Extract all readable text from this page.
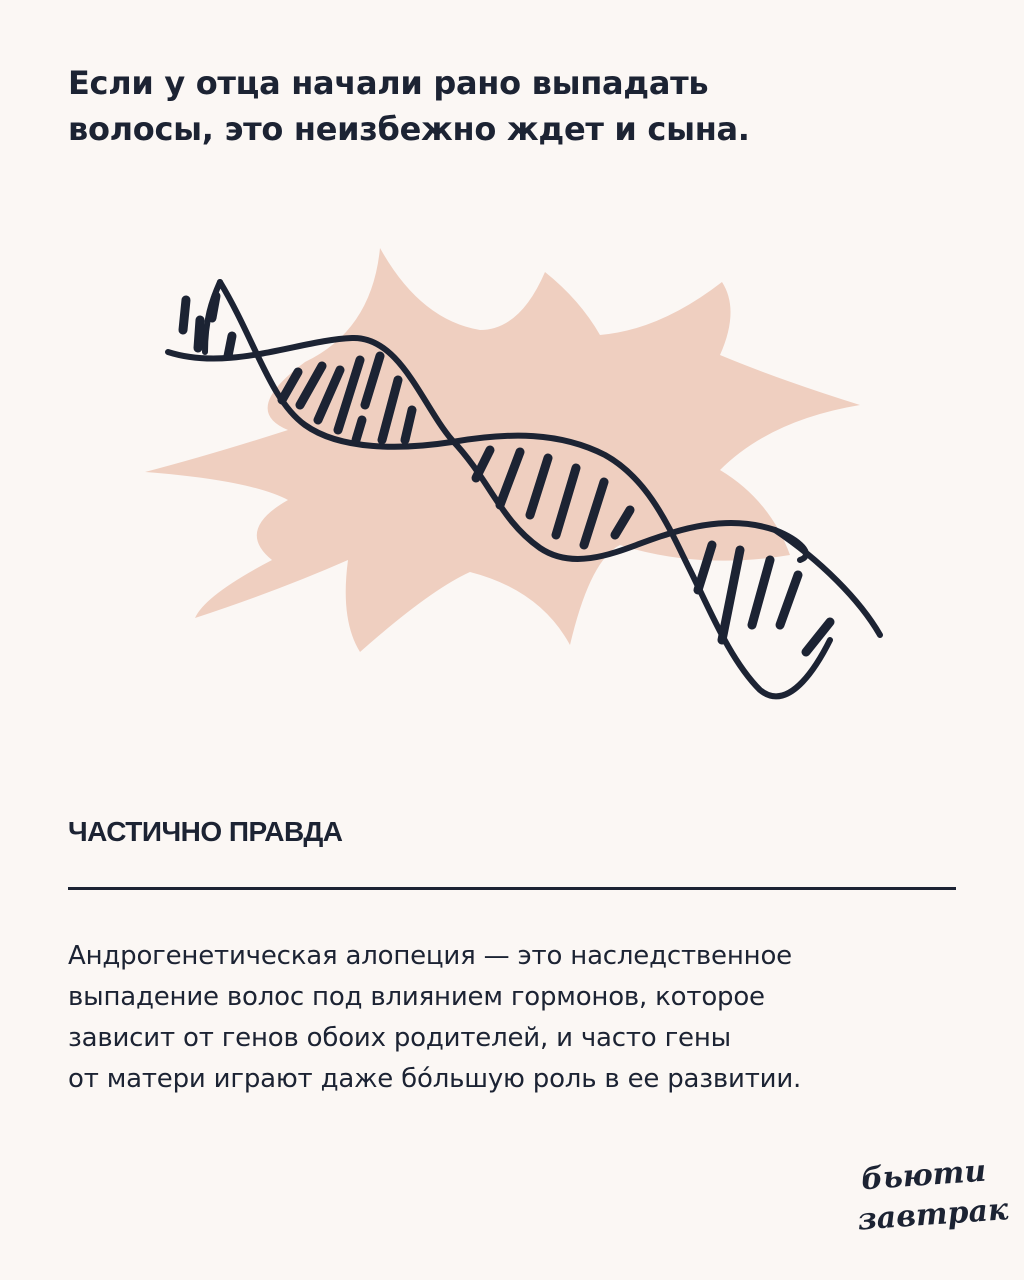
Если у отца начали рано выпадать
волосы, это неизбежно ждет и сына.
ЧАСТИЧНО ПРАВДА

Андрогенетическая алопеция — это наследственное
выпадение волос под влиянием гормонов, которое
зависит от генов обоих родителей, и часто гены
от матери играют даже бо́льшую роль в ее развитии.

бьюти
завтрак
